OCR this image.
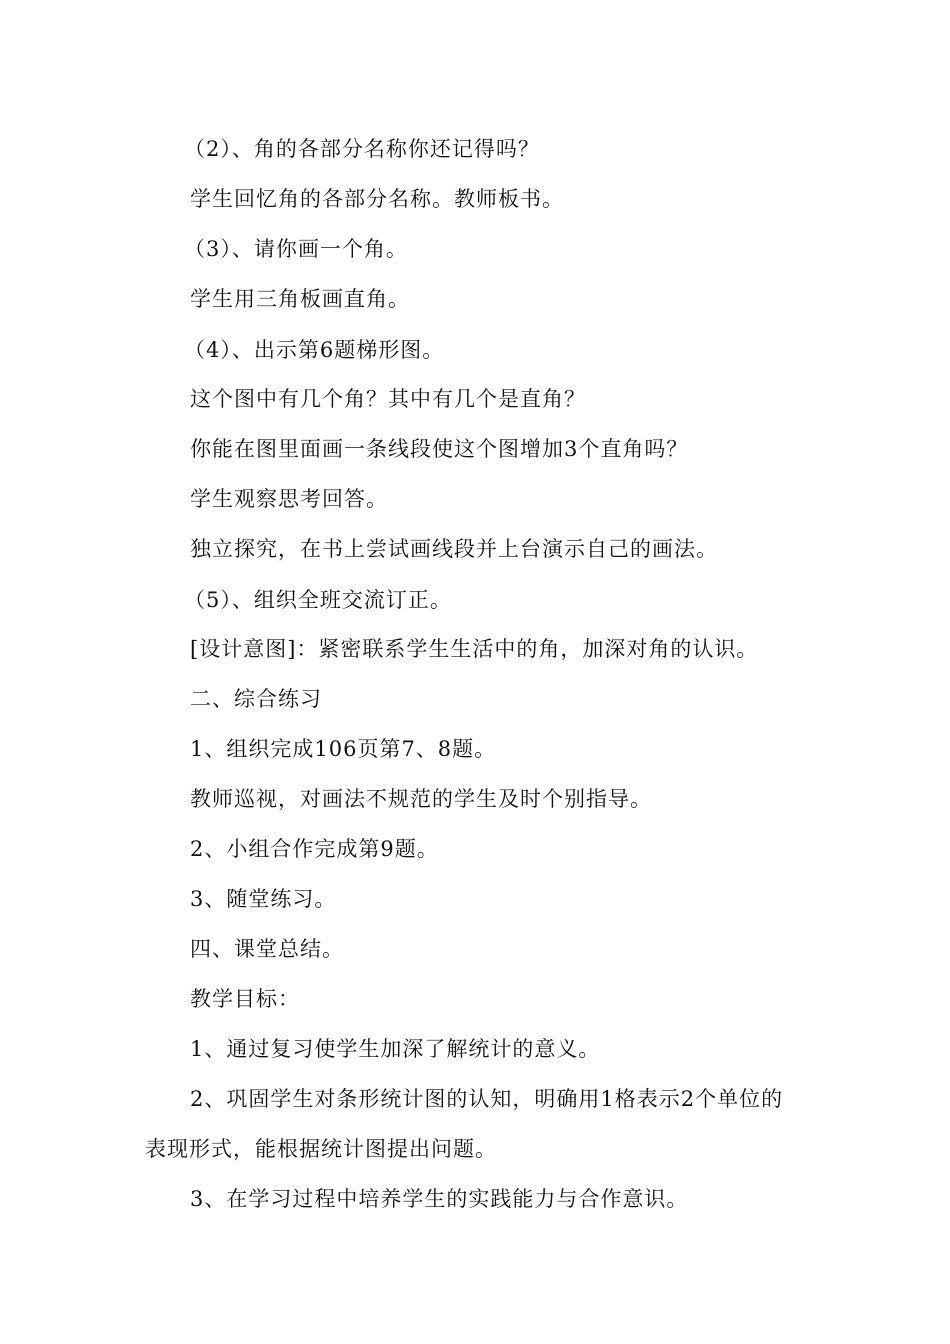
（2）、角的各部分名称你还记得吗？
学生回忆角的各部分名称。教师板书。
（3）、请你画一个角。
学生用三角板画直角。
（4）、出示第6题梯形图。
这个图中有几个角？其中有几个是直角？
你能在图里面画一条线段使这个图增加3个直角吗？
学生观察思考回答。
独立探究，在书上尝试画线段并上台演示自己的画法。
（5）、组织全班交流订正。
[设计意图]：紧密联系学生生活中的角，加深对角的认识。
二、综合练习
1、组织完成106页第7、8题。
教师巡视，对画法不规范的学生及时个别指导。
2、小组合作完成第9题。
3、随堂练习。
四、课堂总结。
教学目标：
1、通过复习使学生加深了解统计的意义。
2、巩固学生对条形统计图的认知，明确用1格表示2个单位的
表现形式，能根据统计图提出问题。
3、在学习过程中培养学生的实践能力与合作意识。
